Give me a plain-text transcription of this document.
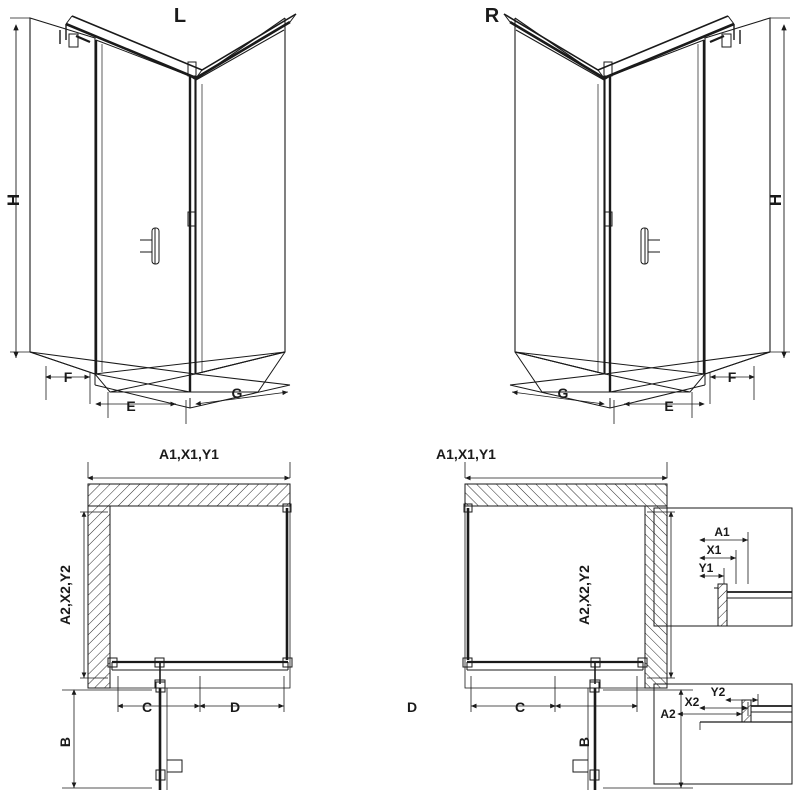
H
F
E
G
L
H
F
E
G
R
A1,X1,Y1
A2,X2,Y2
C	D
B
A1,X1,Y1
A2,X2,Y2
D	C
B
A1
X1
Y1
A2
X2
Y2
